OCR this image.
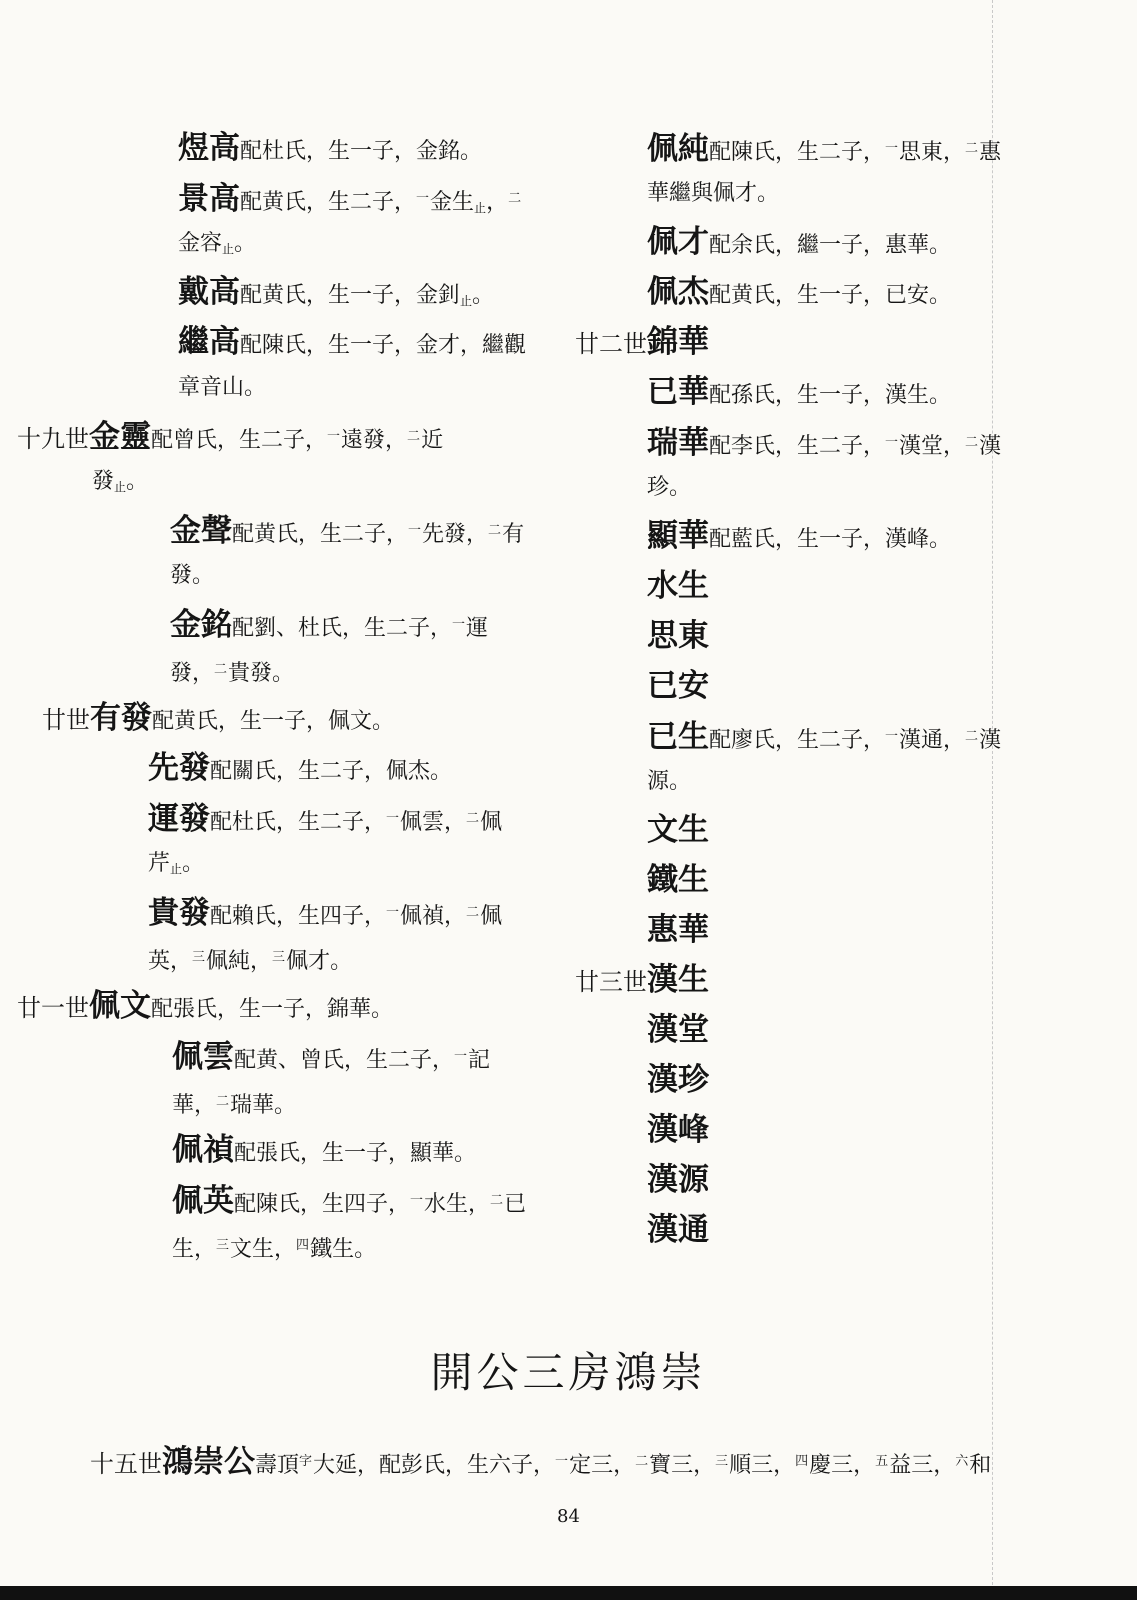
煜高配杜氏，生一子，金銘。
景高配黄氏，生二子，$^一$金生止，$^二$
金容止。
戴高配黄氏，生一子，金釗止。
繼高配陳氏，生一子，金才，繼觀
章音山。
十九世金靈配曾氏，生二子，$^一$遠發，$^二$近
發止。
金聲配黄氏，生二子，$^一$先發，$^二$有
發。
金銘配劉、杜氏，生二子，$^一$運
發，$^二$貴發。
廿世有發配黄氏，生一子，佩文。
先發配關氏，生二子，佩杰。
運發配杜氏，生二子，$^一$佩雲，$^二$佩
芹止。
貴發配賴氏，生四子，$^一$佩禎，$^二$佩
英，$^三$佩純，$^三$佩才。
廿一世佩文配張氏，生一子，錦華。
佩雲配黄、曾氏，生二子，$^一$記
華，$^二$瑞華。
佩禎配張氏，生一子，顯華。
佩英配陳氏，生四子，$^一$水生，$^二$已
生，$^三$文生，$^四$鐵生。
佩純配陳氏，生二子，$^一$思東，$^二$惠
華繼與佩才。
佩才配余氏，繼一子，惠華。
佩杰配黄氏，生一子，已安。
廿二世錦華
已華配孫氏，生一子，漢生。
瑞華配李氏，生二子，$^一$漢堂，$^二$漢
珍。
顯華配藍氏，生一子，漢峰。
水生
思東
已安
已生配廖氏，生二子，$^一$漢通，$^二$漢
源。
文生
鐵生
惠華
廿三世漢生
漢堂
漢珍
漢峰
漢源
漢通
開公三房鴻崇
十五世鴻崇公壽頂$^字$大延，配彭氏，生六子，$^一$定三，$^二$寶三，$^三$順三，$^四$慶三，$^五$益三，$^六$和
84
